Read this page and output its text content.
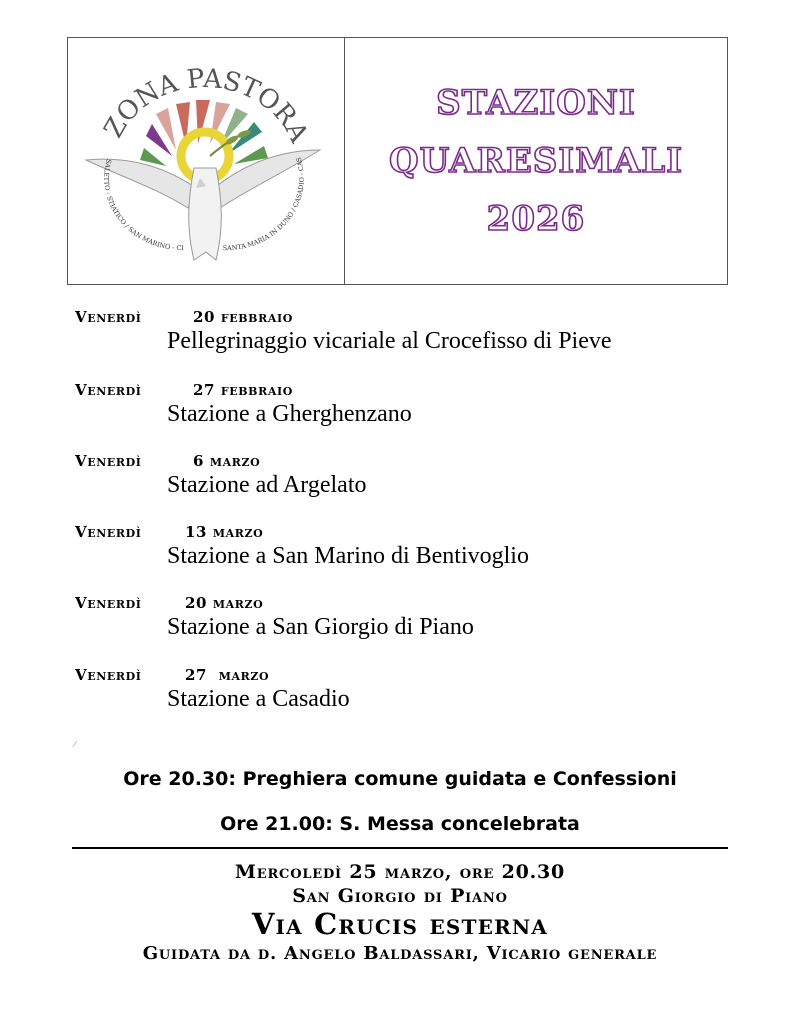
ZONA PASTORA
SALETTO - STIATICO / SAN MARINO - CI	SANTA MARIA IN DUNO / CASADIO - CAS
STAZIONI
QUARESIMALI
2026
Venerdì	20 febbraio
Pellegrinaggio vicariale al Crocefisso di Pieve
Venerdì	27 febbraio
Stazione a Gherghenzano
Venerdì	6 marzo
Stazione ad Argelato
Venerdì	13 marzo
Stazione a San Marino di Bentivoglio
Venerdì	20 marzo
Stazione a San Giorgio di Piano
Venerdì	27  marzo
Stazione a Casadio
⁄
Ore 20.30: Preghiera comune guidata e Confessioni
Ore 21.00: S. Messa concelebrata
Mercoledì 25 marzo, ore 20.30
San Giorgio di Piano
Via Crucis esterna
Guidata da d. Angelo Baldassari, Vicario generale
